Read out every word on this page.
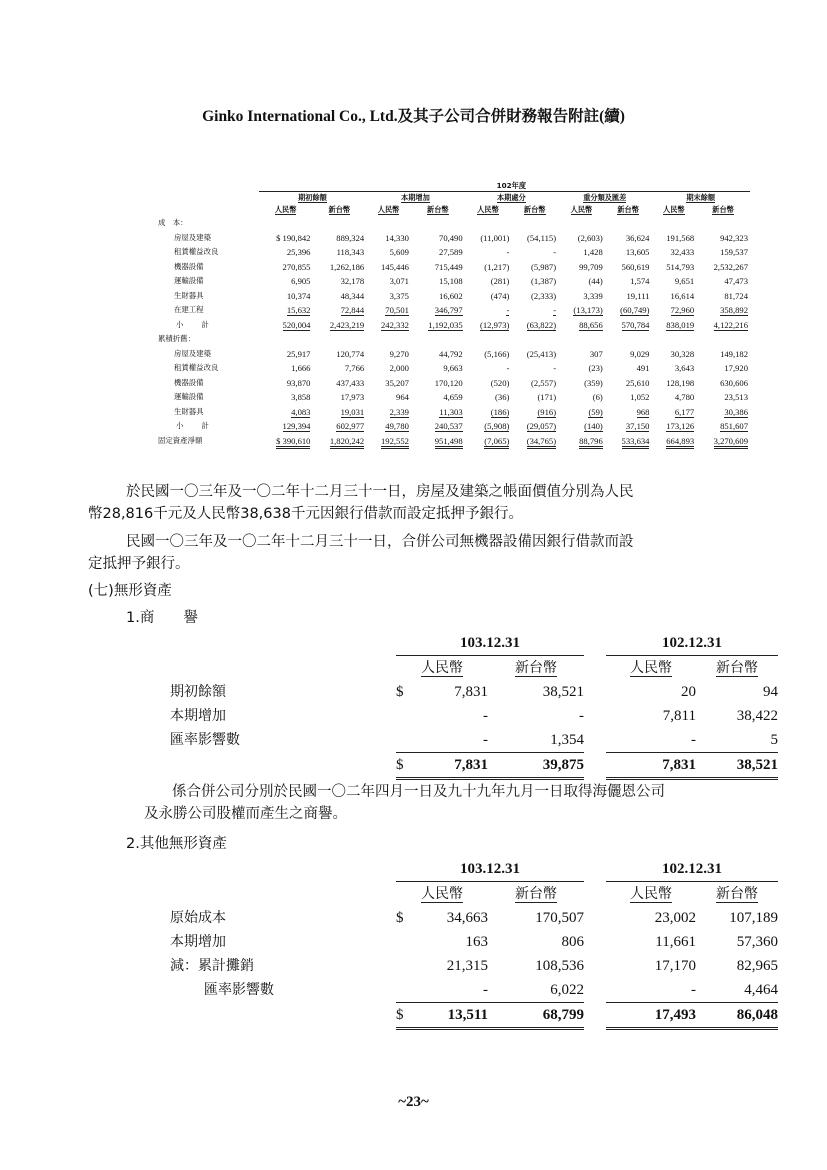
Ginko International Co., Ltd.及其子公司合併財務報告附註(續)
					102年度					
	期初餘額		本期增加		本期處分		重分類及匯差		期末餘額	
	人民幣	新台幣	人民幣	新台幣	人民幣	新台幣	人民幣	新台幣	人民幣	新台幣
成　本：										
房屋及建築	$ 190,842	889,324	14,330	70,490	(11,001)	(54,115)	(2,603)	36,624	191,568	942,323
租賃權益改良	25,396	118,343	5,609	27,589	-	-	1,428	13,605	32,433	159,537
機器設備	270,855	1,262,186	145,446	715,449	(1,217)	(5,987)	99,709	560,619	514,793	2,532,267
運輸設備	6,905	32,178	3,071	15,108	(281)	(1,387)	(44)	1,574	9,651	47,473
生財器具	10,374	48,344	3,375	16,602	(474)	(2,333)	3,339	19,111	16,614	81,724
在建工程	15,632	72,844	70,501	346,797	-	-	(13,173)	(60,749)	72,960	358,892
小計	520,004	2,423,219	242,332	1,192,035	(12,973)	(63,822)	88,656	570,784	838,019	4,122,216
累積折舊：										
房屋及建築	25,917	120,774	9,270	44,792	(5,166)	(25,413)	307	9,029	30,328	149,182
租賃權益改良	1,666	7,766	2,000	9,663	-	-	(23)	491	3,643	17,920
機器設備	93,870	437,433	35,207	170,120	(520)	(2,557)	(359)	25,610	128,198	630,606
運輸設備	3,858	17,973	964	4,659	(36)	(171)	(6)	1,052	4,780	23,513
生財器具	4,083	19,031	2,339	11,303	(186)	(916)	(59)	968	6,177	30,386
小計	129,394	602,977	49,780	240,537	(5,908)	(29,057)	(140)	37,150	173,126	851,607
固定資產淨額	$ 390,610	1,820,242	192,552	951,498	(7,065)	(34,765)	88,796	533,634	664,893	3,270,609
於民國一〇三年及一〇二年十二月三十一日，房屋及建築之帳面價值分別為人民
幣28,816千元及人民幣38,638千元因銀行借款而設定抵押予銀行。
民國一〇三年及一〇二年十二月三十一日，合併公司無機器設備因銀行借款而設
定抵押予銀行。
(七)無形資產
1.商　　譽
	103.12.31				102.12.31	
	人民幣		新台幣		人民幣	新台幣
期初餘額	$	7,831	38,521		20	94
本期增加		-	-		7,811	38,422
匯率影響數		-	1,354		-	5
	$	7,831	39,875		7,831	38,521
係合併公司分別於民國一〇二年四月一日及九十九年九月一日取得海儷恩公司
及永勝公司股權而產生之商譽。
2.其他無形資產
	103.12.31				102.12.31	
	人民幣		新台幣		人民幣	新台幣
原始成本	$	34,663	170,507		23,002	107,189
本期增加		163	806		11,661	57,360
減：累計攤銷		21,315	108,536		17,170	82,965
匯率影響數		-	6,022		-	4,464
	$	13,511	68,799		17,493	86,048
~23~
